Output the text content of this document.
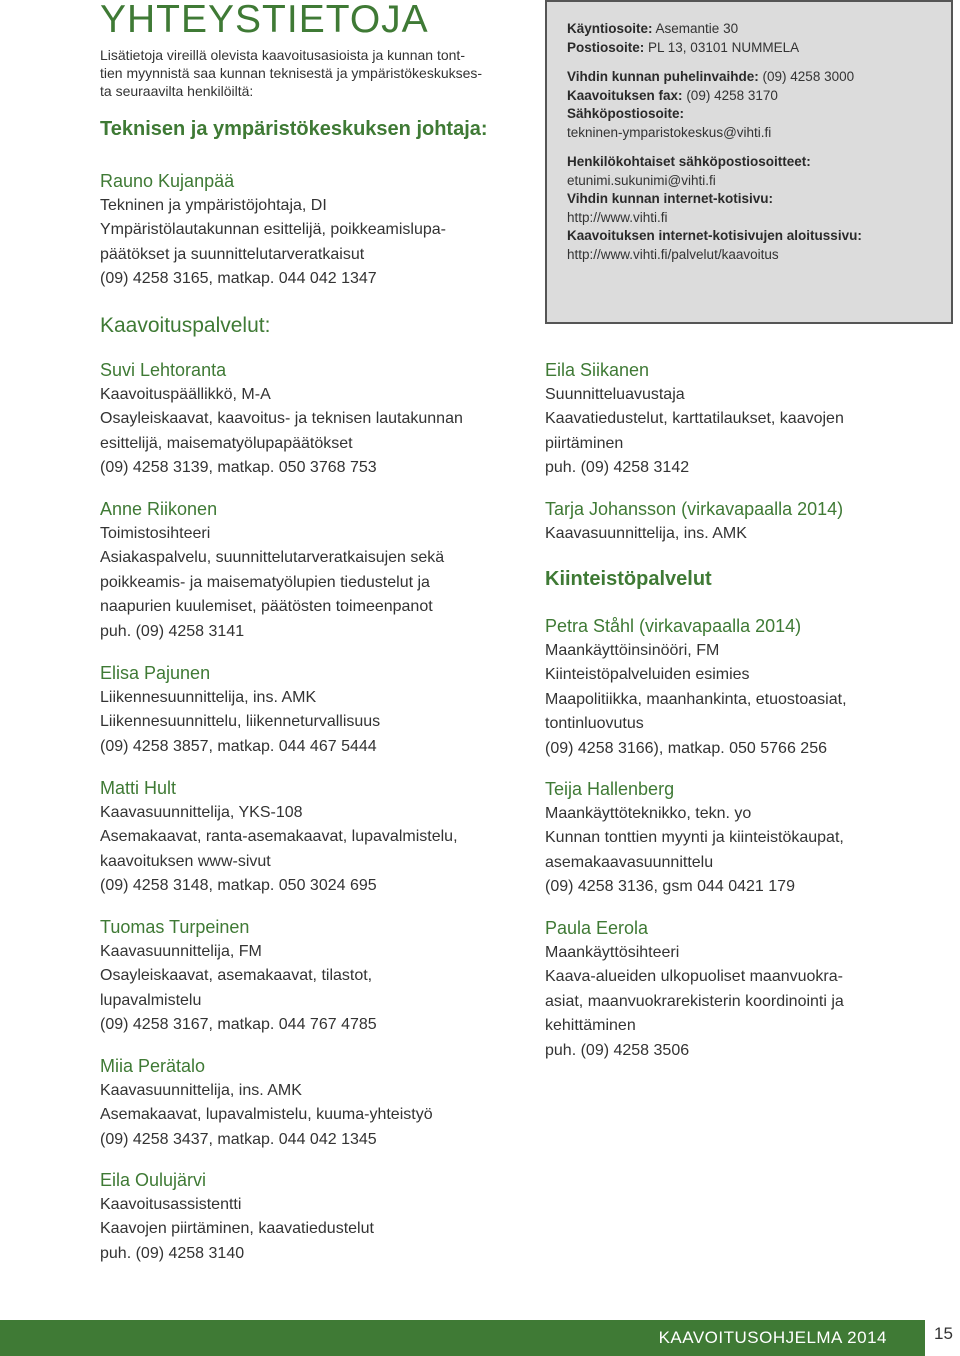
YHTEYSTIETOJA
Lisätietoja vireillä olevista kaavoitusasioista ja kunnan tont-
tien myynnistä saa kunnan teknisestä ja ympäristökeskukses-
ta seuraavilta henkilöiltä:
Teknisen ja ympäristökeskuksen johtaja:
Rauno Kujanpää
Tekninen ja ympäristöjohtaja, DI
Ympäristölautakunnan esittelijä, poikkeamislupa-
päätökset ja suunnittelutarveratkaisut
(09) 4258 3165, matkap. 044 042 1347
Käyntiosoite: Asemantie 30
Postiosoite: PL 13, 03101 NUMMELA
Vihdin kunnan puhelinvaihde: (09) 4258 3000
Kaavoituksen fax: (09) 4258 3170
Sähköpostiosoite:
tekninen-ymparistokeskus@vihti.fi
Henkilökohtaiset sähköpostiosoitteet:
etunimi.sukunimi@vihti.fi
Vihdin kunnan internet-kotisivu:
http://www.vihti.fi
Kaavoituksen internet-kotisivujen aloitussivu:
http://www.vihti.fi/palvelut/kaavoitus
Kaavoituspalvelut:
Suvi Lehtoranta
Kaavoituspäällikkö, M-A
Osayleiskaavat, kaavoitus- ja teknisen lautakunnan
esittelijä, maisematyölupapäätökset
(09) 4258 3139, matkap. 050 3768 753
Anne Riikonen
Toimistosihteeri
Asiakaspalvelu, suunnittelutarveratkaisujen sekä
poikkeamis- ja maisematyölupien tiedustelut ja
naapurien kuulemiset, päätösten toimeenpanot
puh. (09) 4258 3141
Elisa Pajunen
Liikennesuunnittelija, ins. AMK
Liikennesuunnittelu, liikenneturvallisuus
(09) 4258 3857, matkap. 044 467 5444
Matti Hult
Kaavasuunnittelija, YKS-108
Asemakaavat, ranta-asemakaavat, lupavalmistelu,
kaavoituksen www-sivut
(09) 4258 3148, matkap. 050 3024 695
Tuomas Turpeinen
Kaavasuunnittelija, FM
Osayleiskaavat, asemakaavat, tilastot,
lupavalmistelu
(09) 4258 3167, matkap. 044 767 4785
Miia Perätalo
Kaavasuunnittelija, ins. AMK
Asemakaavat, lupavalmistelu, kuuma-yhteistyö
(09) 4258 3437, matkap. 044 042 1345
Eila Oulujärvi
Kaavoitusassistentti
Kaavojen piirtäminen, kaavatiedustelut
puh. (09) 4258 3140
Eila Siikanen
Suunnitteluavustaja
Kaavatiedustelut, karttatilaukset, kaavojen
piirtäminen
puh. (09) 4258 3142
Tarja Johansson (virkavapaalla 2014)
Kaavasuunnittelija, ins. AMK
Kiinteistöpalvelut
Petra Ståhl (virkavapaalla 2014)
Maankäyttöinsinööri, FM
Kiinteistöpalveluiden esimies
Maapolitiikka, maanhankinta, etuostoasiat,
tontinluovutus
(09) 4258 3166), matkap. 050 5766 256
Teija Hallenberg
Maankäyttöteknikko, tekn. yo
Kunnan tonttien myynti ja kiinteistökaupat,
asemakaavasuunnittelu
(09) 4258 3136, gsm 044 0421 179
Paula Eerola
Maankäyttösihteeri
Kaava-alueiden ulkopuoliset maanvuokra-
asiat, maanvuokrarekisterin koordinointi ja
kehittäminen
puh. (09) 4258 3506
KAAVOITUSOHJELMA 2014	15
